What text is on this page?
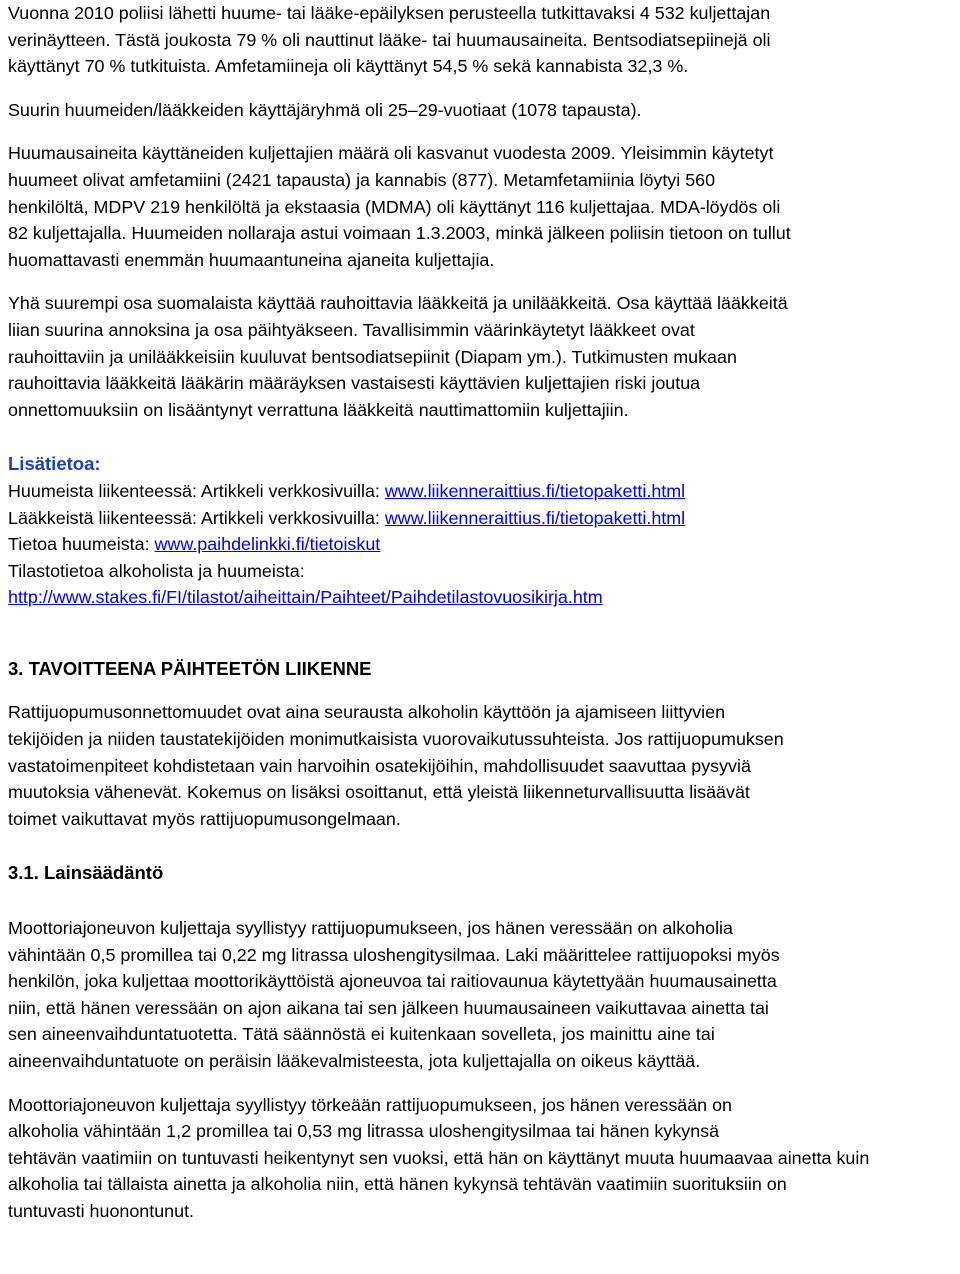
Vuonna 2010 poliisi lähetti huume- tai lääke-epäilyksen perusteella tutkittavaksi 4 532 kuljettajan
verinäytteen. Tästä joukosta 79 % oli nauttinut lääke- tai huumausaineita. Bentsodiatsepiinejä oli
käyttänyt 70 % tutkituista. Amfetamiineja oli käyttänyt 54,5 % sekä kannabista 32,3 %.
Suurin huumeiden/lääkkeiden käyttäjäryhmä oli 25–29-vuotiaat (1078 tapausta).
Huumausaineita käyttäneiden kuljettajien määrä oli kasvanut vuodesta 2009. Yleisimmin käytetyt
huumeet olivat amfetamiini (2421 tapausta) ja kannabis (877). Metamfetamiinia löytyi 560
henkilöltä, MDPV 219 henkilöltä ja ekstaasia (MDMA) oli käyttänyt 116 kuljettajaa. MDA-löydös oli
82 kuljettajalla. Huumeiden nollaraja astui voimaan 1.3.2003, minkä jälkeen poliisin tietoon on tullut
huomattavasti enemmän huumaantuneina ajaneita kuljettajia.
Yhä suurempi osa suomalaista käyttää rauhoittavia lääkkeitä ja unilääkkeitä. Osa käyttää lääkkeitä
liian suurina annoksina ja osa päihtyäkseen. Tavallisimmin väärinkäytetyt lääkkeet ovat
rauhoittaviin ja unilääkkeisiin kuuluvat bentsodiatsepiinit (Diapam ym.). Tutkimusten mukaan
rauhoittavia lääkkeitä lääkärin määräyksen vastaisesti käyttävien kuljettajien riski joutua
onnettomuuksiin on lisääntynyt verrattuna lääkkeitä nauttimattomiin kuljettajiin.
Lisätietoa:
Huumeista liikenteessä: Artikkeli verkkosivuilla: www.liikenneraittius.fi/tietopaketti.html
Lääkkeistä liikenteessä: Artikkeli verkkosivuilla: www.liikenneraittius.fi/tietopaketti.html
Tietoa huumeista: www.paihdelinkki.fi/tietoiskut
Tilastotietoa alkoholista ja huumeista:
http://www.stakes.fi/FI/tilastot/aiheittain/Paihteet/Paihdetilastovuosikirja.htm
3. TAVOITTEENA PÄIHTEETÖN LIIKENNE
Rattijuopumusonnettomuudet ovat aina seurausta alkoholin käyttöön ja ajamiseen liittyvien
tekijöiden ja niiden taustatekijöiden monimutkaisista vuorovaikutussuhteista. Jos rattijuopumuksen
vastatoimenpiteet kohdistetaan vain harvoihin osatekijöihin, mahdollisuudet saavuttaa pysyviä
muutoksia vähenevät. Kokemus on lisäksi osoittanut, että yleistä liikenneturvallisuutta lisäävät
toimet vaikuttavat myös rattijuopumusongelmaan.
3.1. Lainsäädäntö
Moottoriajoneuvon kuljettaja syyllistyy rattijuopumukseen, jos hänen veressään on alkoholia
vähintään 0,5 promillea tai 0,22 mg litrassa uloshengitysilmaa. Laki määrittelee rattijuopoksi myös
henkilön, joka kuljettaa moottorikäyttöistä ajoneuvoa tai raitiovaunua käytettyään huumausainetta
niin, että hänen veressään on ajon aikana tai sen jälkeen huumausaineen vaikuttavaa ainetta tai
sen aineenvaihduntatuotetta. Tätä säännöstä ei kuitenkaan sovelleta, jos mainittu aine tai
aineenvaihduntatuote on peräisin lääkevalmisteesta, jota kuljettajalla on oikeus käyttää.
Moottoriajoneuvon kuljettaja syyllistyy törkeään rattijuopumukseen, jos hänen veressään on
alkoholia vähintään 1,2 promillea tai 0,53 mg litrassa uloshengitysilmaa tai hänen kykynsä
tehtävän vaatimiin on tuntuvasti heikentynyt sen vuoksi, että hän on käyttänyt muuta huumaavaa ainetta kuin
alkoholia tai tällaista ainetta ja alkoholia niin, että hänen kykynsä tehtävän vaatimiin suorituksiin on
tuntuvasti huonontunut.
